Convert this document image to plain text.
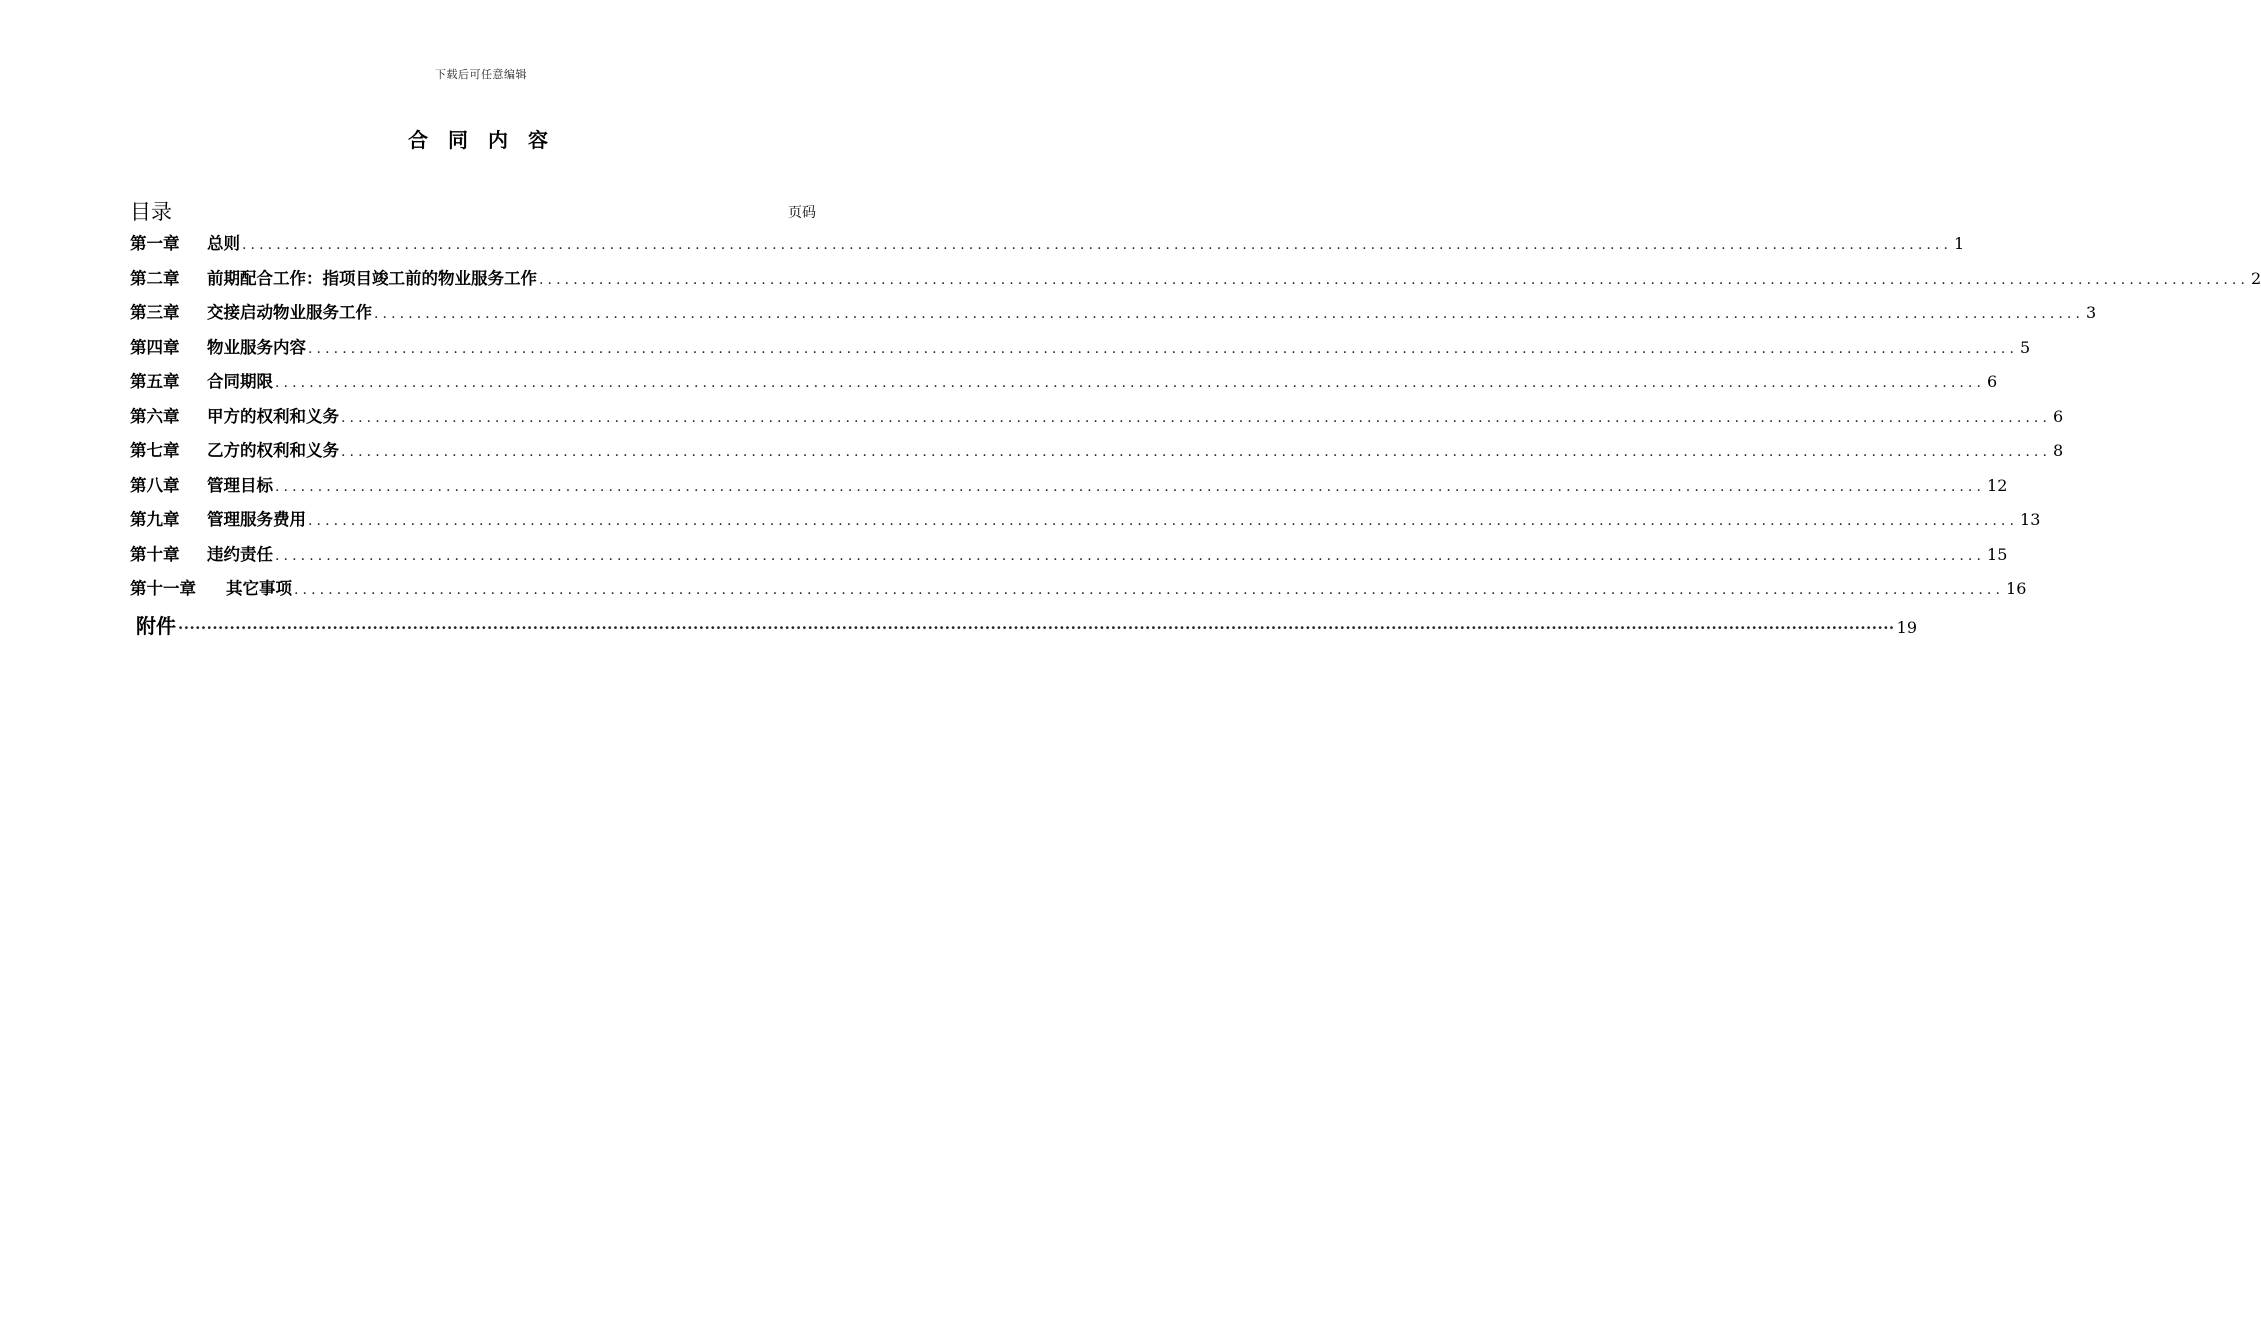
下载后可任意编辑
合同内容
目录	页码
第一章	总则 ........................................................................................................................................................................................................ 1
第二章	前期配合工作：指项目竣工前的物业服务工作 ........................................................................................................................................................................................................ 2
第三章	交接启动物业服务工作 ........................................................................................................................................................................................................ 3
第四章	物业服务内容 ........................................................................................................................................................................................................ 5
第五章	合同期限 ........................................................................................................................................................................................................ 6
第六章	甲方的权利和义务 ........................................................................................................................................................................................................ 6
第七章	乙方的权利和义务 ........................................................................................................................................................................................................ 8
第八章	管理目标 ........................................................................................................................................................................................................ 12
第九章	管理服务费用 ........................................................................................................................................................................................................ 13
第十章	违约责任 ........................................................................................................................................................................................................ 15
第十一章	其它事项 ........................................................................................................................................................................................................ 16
附件 ············································································································································································································································································································ 19
